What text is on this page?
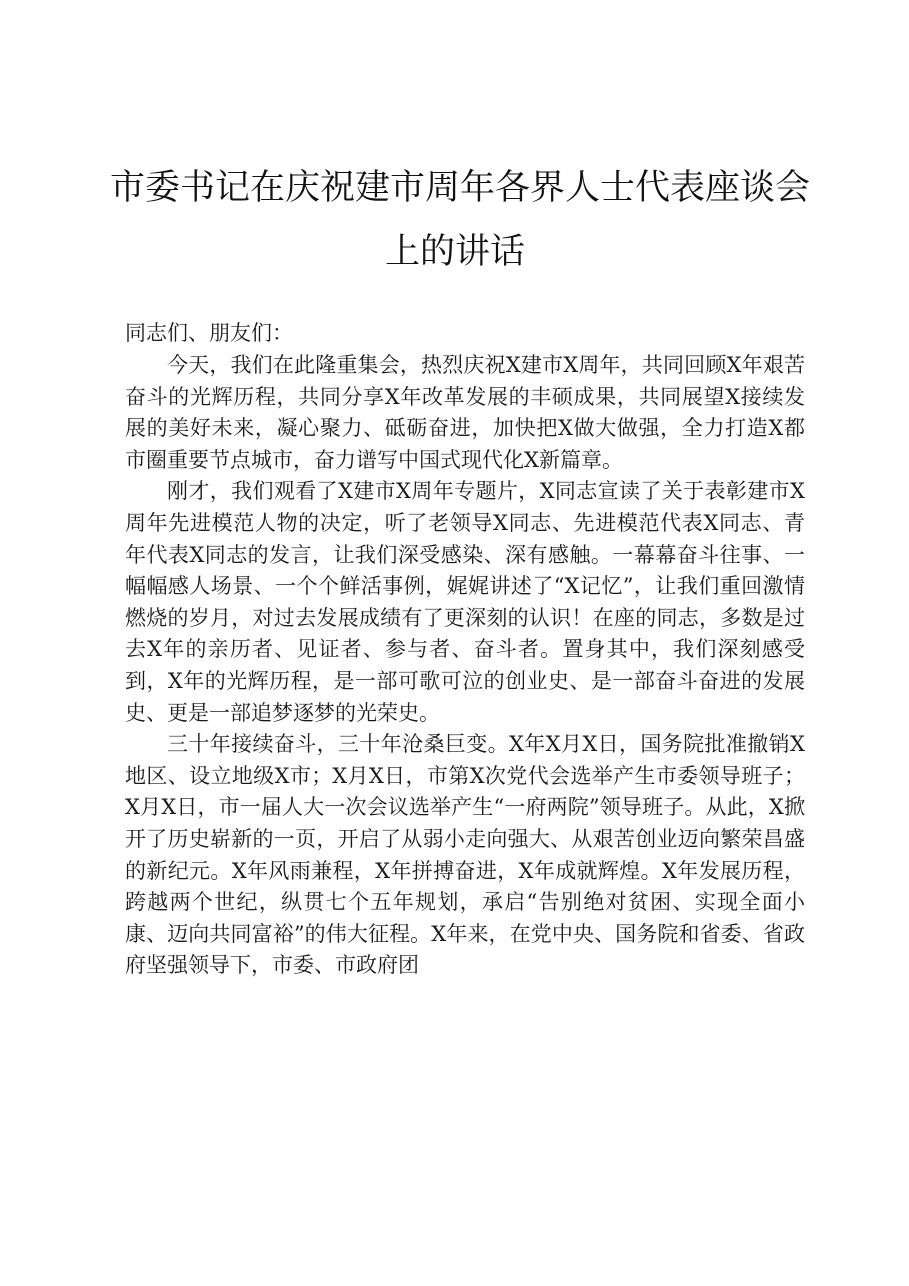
市委书记在庆祝建市周年各界人士代表座谈会
上的讲话
同志们、朋友们：

今天，我们在此隆重集会，热烈庆祝X建市X周年，共同回顾X年艰苦奋斗的光辉历程，共同分享X年改革发展的丰硕成果，共同展望X接续发展的美好未来，凝心聚力、砥砺奋进，加快把X做大做强，全力打造X都市圈重要节点城市，奋力谱写中国式现代化X新篇章。

刚才，我们观看了X建市X周年专题片，X同志宣读了关于表彰建市X周年先进模范人物的决定，听了老领导X同志、先进模范代表X同志、青年代表X同志的发言，让我们深受感染、深有感触。一幕幕奋斗往事、一幅幅感人场景、一个个鲜活事例，娓娓讲述了“X记忆”，让我们重回激情燃烧的岁月，对过去发展成绩有了更深刻的认识！在座的同志，多数是过去X年的亲历者、见证者、参与者、奋斗者。置身其中，我们深刻感受到，X年的光辉历程，是一部可歌可泣的创业史、是一部奋斗奋进的发展史、更是一部追梦逐梦的光荣史。

三十年接续奋斗，三十年沧桑巨变。X年X月X日，国务院批准撤销X地区、设立地级X市；X月X日，市第X次党代会选举产生市委领导班子；X月X日，市一届人大一次会议选举产生“一府两院”领导班子。从此，X掀开了历史崭新的一页，开启了从弱小走向强大、从艰苦创业迈向繁荣昌盛的新纪元。X年风雨兼程，X年拼搏奋进，X年成就辉煌。X年发展历程，跨越两个世纪，纵贯七个五年规划，承启“告别绝对贫困、实现全面小康、迈向共同富裕”的伟大征程。X年来，在党中央、国务院和省委、省政府坚强领导下，市委、市政府团
